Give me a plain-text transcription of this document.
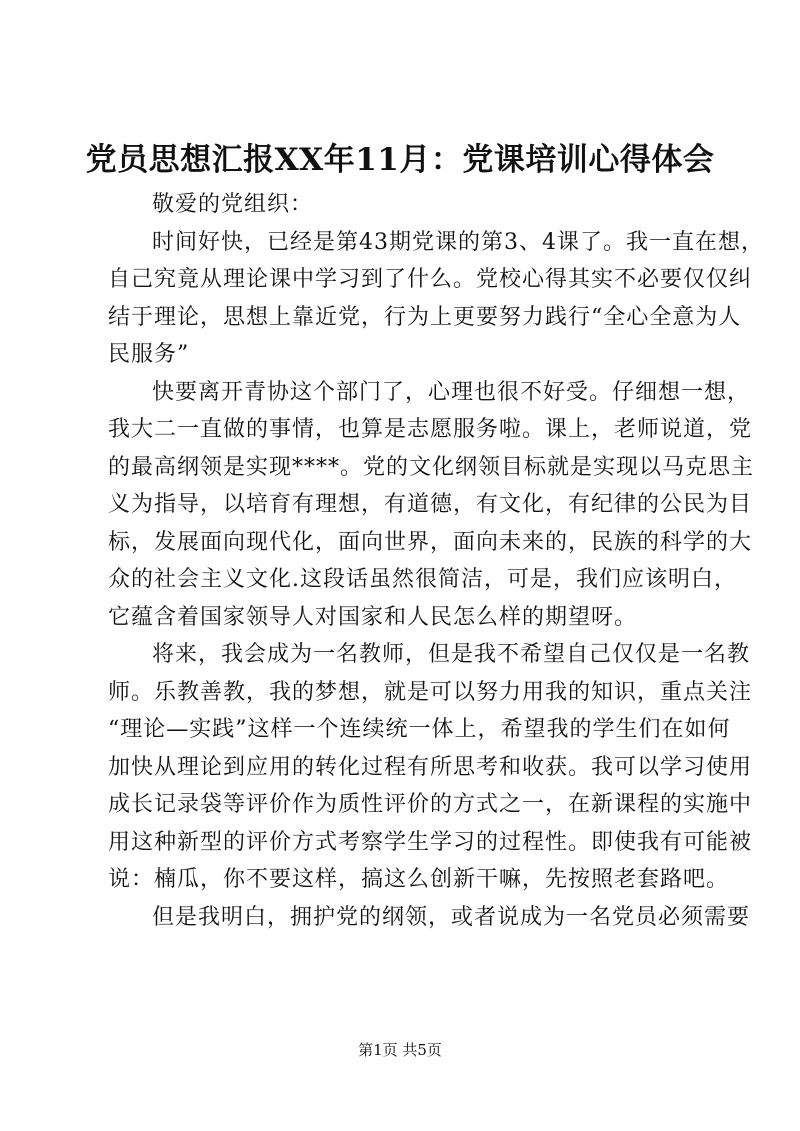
党员思想汇报XX年11月：党课培训心得体会

敬爱的党组织：

时间好快，已经是第43期党课的第3、4课了。我一直在想，
自己究竟从理论课中学习到了什么。党校心得其实不必要仅仅纠
结于理论，思想上靠近党，行为上更要努力践行“全心全意为人
民服务”

快要离开青协这个部门了，心理也很不好受。仔细想一想，
我大二一直做的事情，也算是志愿服务啦。课上，老师说道，党
的最高纲领是实现****。党的文化纲领目标就是实现以马克思主
义为指导，以培育有理想，有道德，有文化，有纪律的公民为目
标，发展面向现代化，面向世界，面向未来的，民族的科学的大
众的社会主义文化.这段话虽然很简洁，可是，我们应该明白，
它蕴含着国家领导人对国家和人民怎么样的期望呀。

将来，我会成为一名教师，但是我不希望自己仅仅是一名教
师。乐教善教，我的梦想，就是可以努力用我的知识，重点关注
“理论—实践”这样一个连续统一体上，希望我的学生们在如何
加快从理论到应用的转化过程有所思考和收获。我可以学习使用
成长记录袋等评价作为质性评价的方式之一，在新课程的实施中
用这种新型的评价方式考察学生学习的过程性。即使我有可能被
说：楠瓜，你不要这样，搞这么创新干嘛，先按照老套路吧。

但是我明白，拥护党的纲领，或者说成为一名党员必须需要

第1页 共5页
